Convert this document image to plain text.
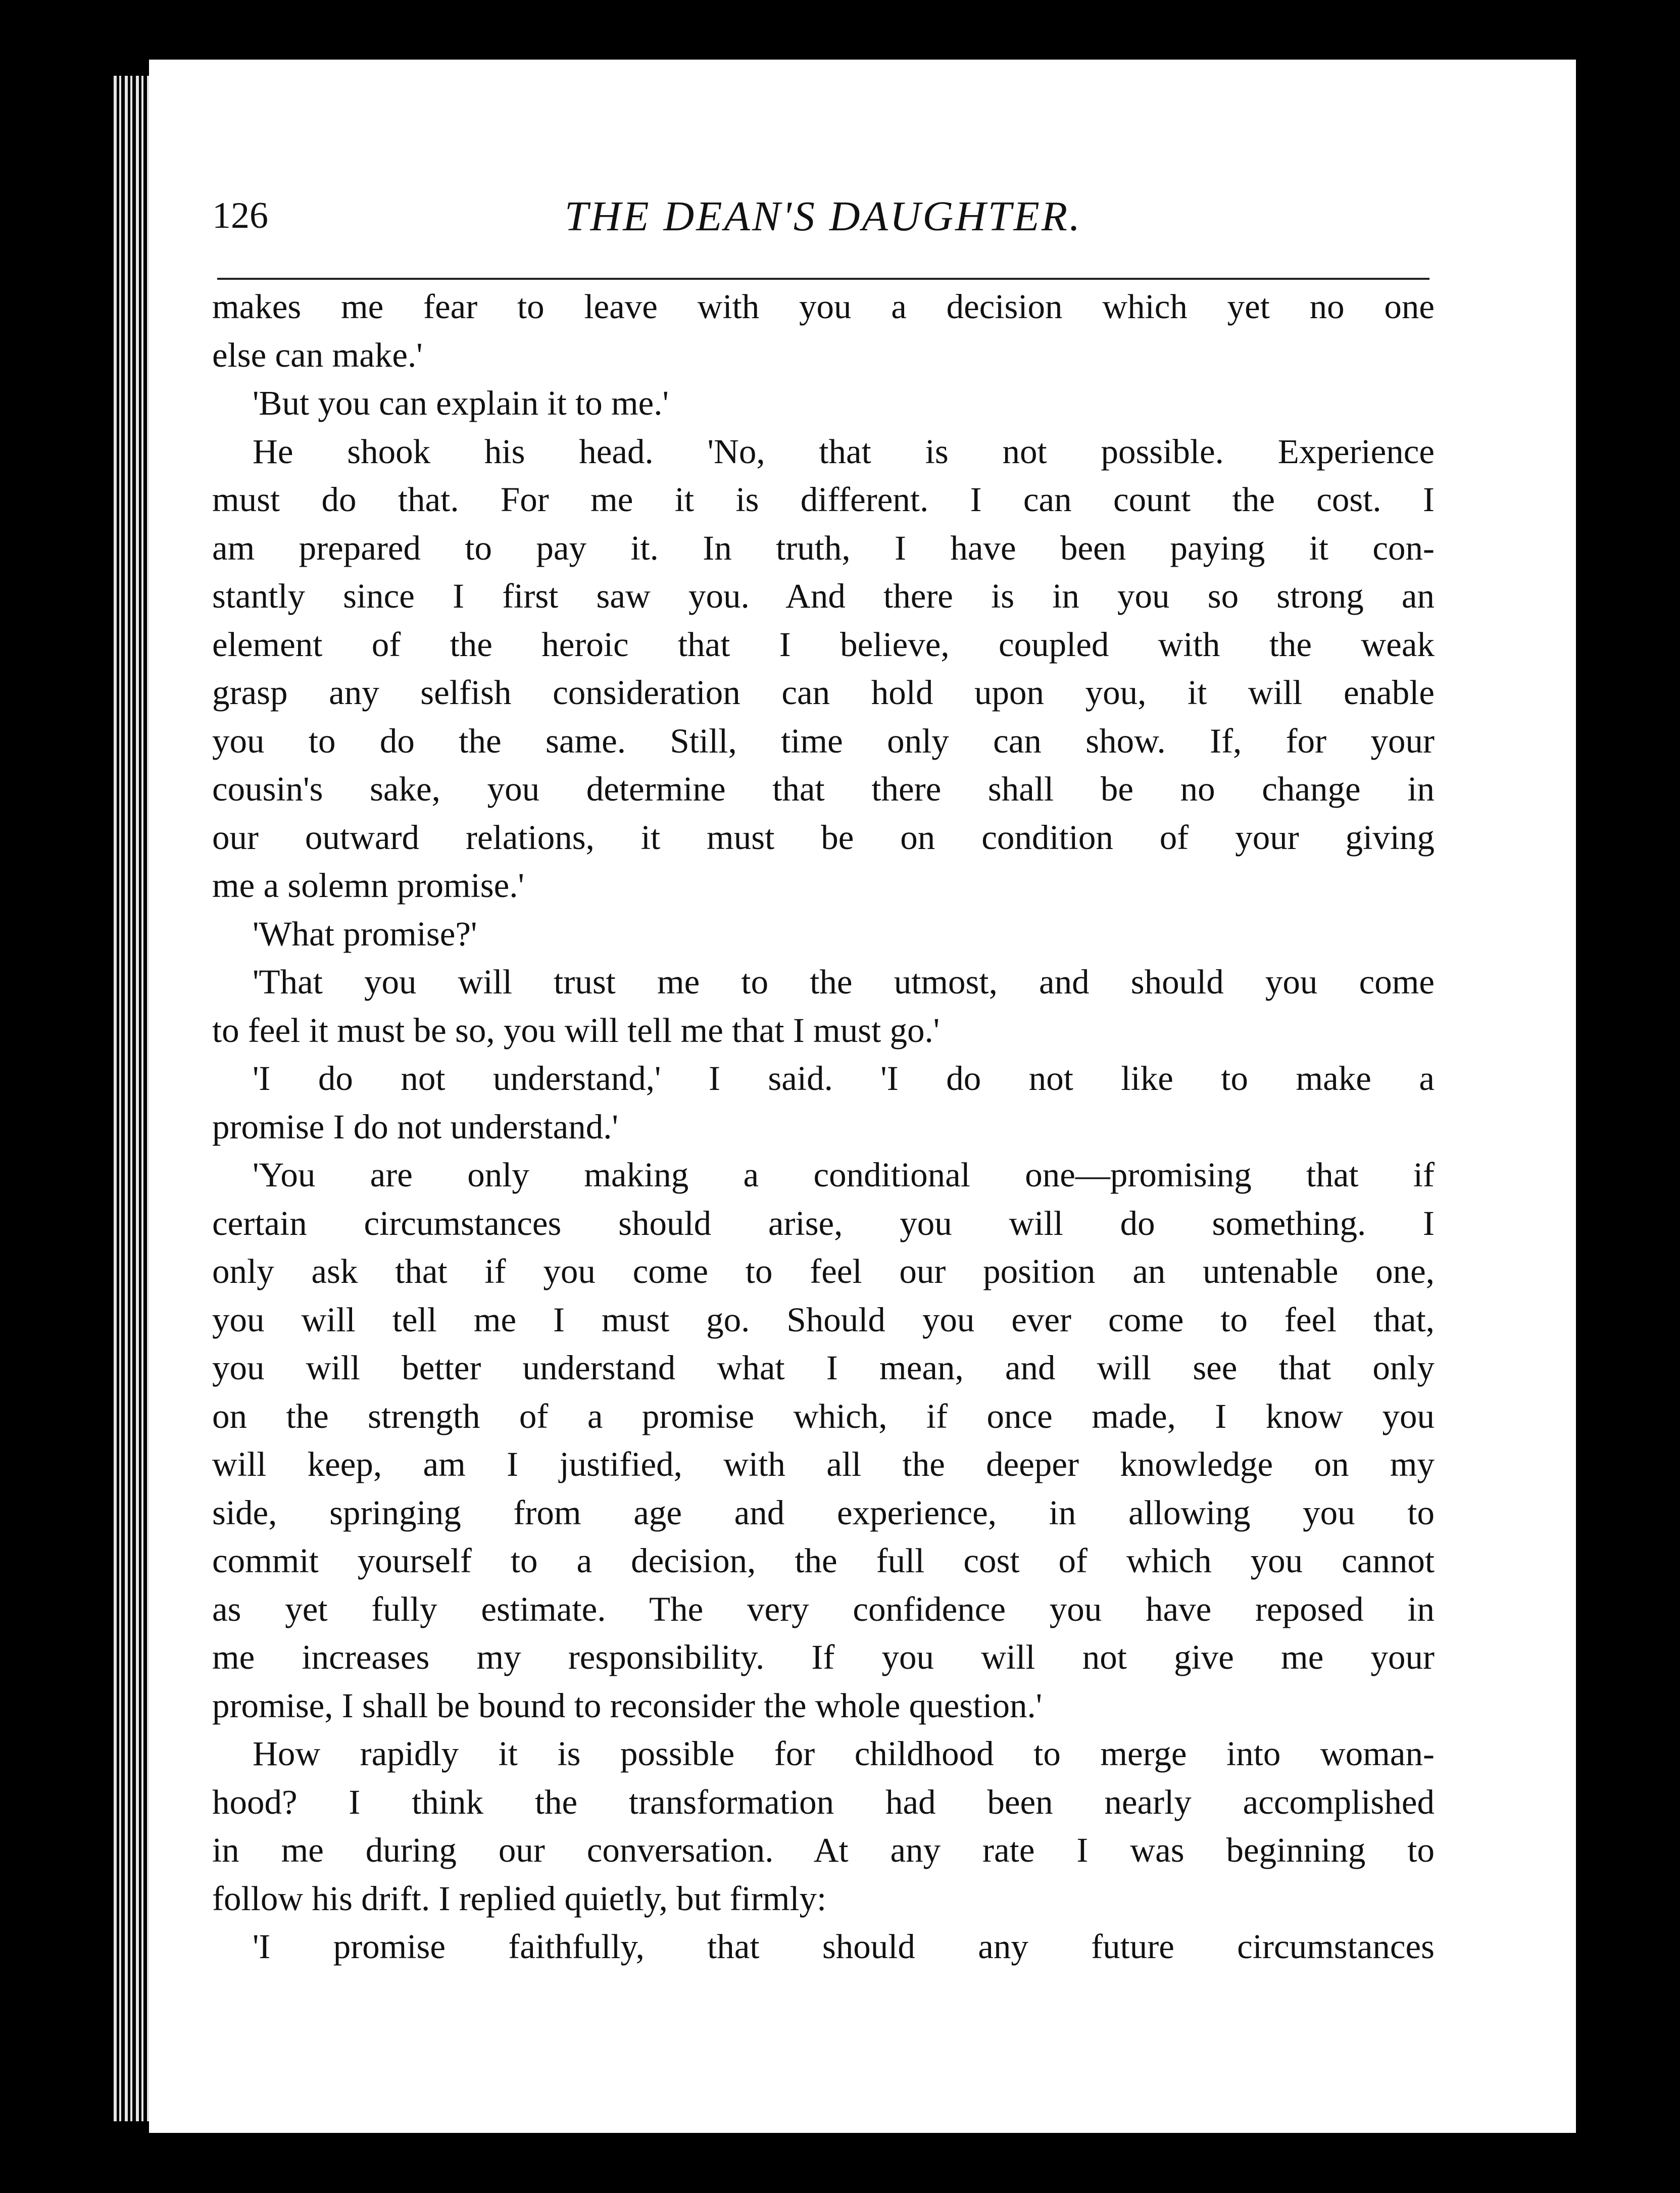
126	THE DEAN'S DAUGHTER.

makes me fear to leave with you a decision which yet no one

else can make.'

'But you can explain it to me.'

He shook his head. 'No, that is not possible. Experience

must do that. For me it is different. I can count the cost. I

am prepared to pay it. In truth, I have been paying it con-

stantly since I first saw you. And there is in you so strong an

element of the heroic that I believe, coupled with the weak

grasp any selfish consideration can hold upon you, it will enable

you to do the same. Still, time only can show. If, for your

cousin's sake, you determine that there shall be no change in

our outward relations, it must be on condition of your giving

me a solemn promise.'

'What promise?'

'That you will trust me to the utmost, and should you come

to feel it must be so, you will tell me that I must go.'

'I do not understand,' I said. 'I do not like to make a

promise I do not understand.'

'You are only making a conditional one—promising that if

certain circumstances should arise, you will do something. I

only ask that if you come to feel our position an untenable one,

you will tell me I must go. Should you ever come to feel that,

you will better understand what I mean, and will see that only

on the strength of a promise which, if once made, I know you

will keep, am I justified, with all the deeper knowledge on my

side, springing from age and experience, in allowing you to

commit yourself to a decision, the full cost of which you cannot

as yet fully estimate. The very confidence you have reposed in

me increases my responsibility. If you will not give me your

promise, I shall be bound to reconsider the whole question.'

How rapidly it is possible for childhood to merge into woman-

hood? I think the transformation had been nearly accomplished

in me during our conversation. At any rate I was beginning to

follow his drift. I replied quietly, but firmly:

'I promise faithfully, that should any future circumstances
